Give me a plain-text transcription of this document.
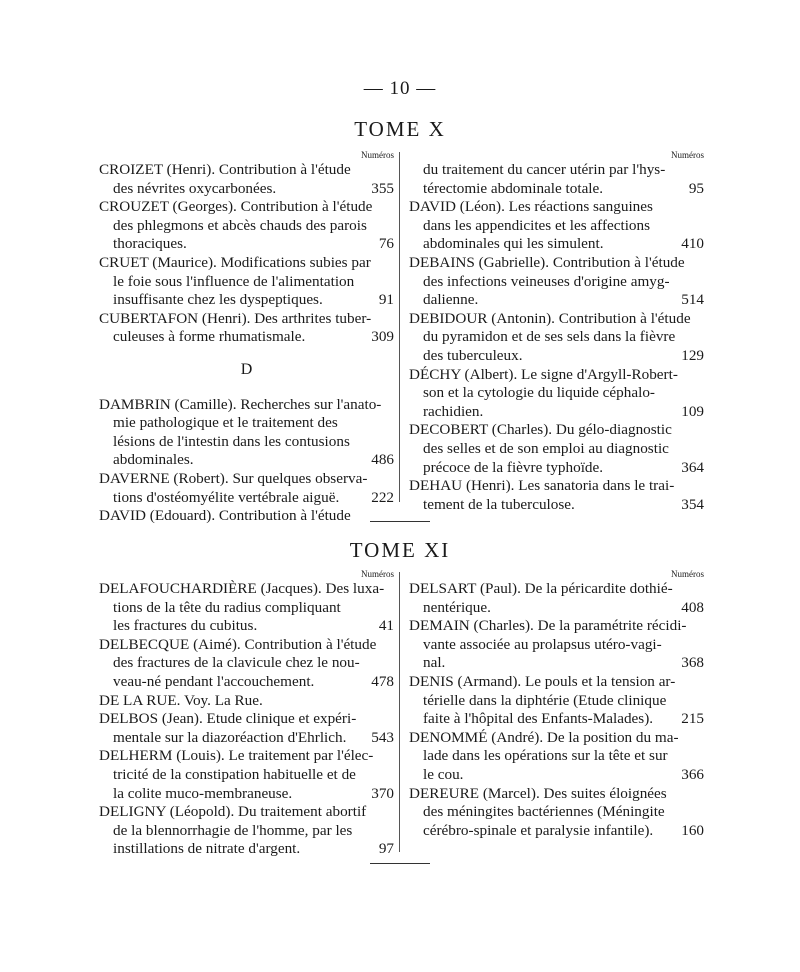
— 10 —
TOME X
Numéros
CROIZET (Henri). Contribution à l'étude
des névrites oxycarbonées.	355
CROUZET (Georges). Contribution à l'étude
des phlegmons et abcès chauds des parois
thoraciques.	76
CRUET (Maurice). Modifications subies par
le foie sous l'influence de l'alimentation
insuffisante chez les dyspeptiques.	91
CUBERTAFON (Henri). Des arthrites tuber-
culeuses à forme rhumatismale.	309
D
DAMBRIN (Camille). Recherches sur l'anato-
mie pathologique et le traitement des
lésions de l'intestin dans les contusions
abdominales.	486
DAVERNE (Robert). Sur quelques observa-
tions d'ostéomyélite vertébrale aiguë.	222
DAVID (Edouard). Contribution à l'étude
Numéros
du traitement du cancer utérin par l'hys-
térectomie abdominale totale.	95
DAVID (Léon). Les réactions sanguines
dans les appendicites et les affections
abdominales qui les simulent.	410
DEBAINS (Gabrielle). Contribution à l'étude
des infections veineuses d'origine amyg-
dalienne.	514
DEBIDOUR (Antonin). Contribution à l'étude
du pyramidon et de ses sels dans la fièvre
des tuberculeux.	129
DÉCHY (Albert). Le signe d'Argyll-Robert-
son et la cytologie du liquide céphalo-
rachidien.	109
DECOBERT (Charles). Du gélo-diagnostic
des selles et de son emploi au diagnostic
précoce de la fièvre typhoïde.	364
DEHAU (Henri). Les sanatoria dans le trai-
tement de la tuberculose.	354
TOME XI
Numéros
DELAFOUCHARDIÈRE (Jacques). Des luxa-
tions de la tête du radius compliquant
les fractures du cubitus.	41
DELBECQUE (Aimé). Contribution à l'étude
des fractures de la clavicule chez le nou-
veau-né pendant l'accouchement.	478
DE LA RUE. Voy. La Rue.
DELBOS (Jean). Etude clinique et expéri-
mentale sur la diazoréaction d'Ehrlich.	543
DELHERM (Louis). Le traitement par l'élec-
tricité de la constipation habituelle et de
la colite muco-membraneuse.	370
DELIGNY (Léopold). Du traitement abortif
de la blennorrhagie de l'homme, par les
instillations de nitrate d'argent.	97
Numéros
DELSART (Paul). De la péricardite dothié-
nentérique.	408
DEMAIN (Charles). De la paramétrite récidi-
vante associée au prolapsus utéro-vagi-
nal.	368
DENIS (Armand). Le pouls et la tension ar-
térielle dans la diphtérie (Etude clinique
faite à l'hôpital des Enfants-Malades).	215
DENOMMÉ (André). De la position du ma-
lade dans les opérations sur la tête et sur
le cou.	366
DEREURE (Marcel). Des suites éloignées
des méningites bactériennes (Méningite
cérébro-spinale et paralysie infantile).	160
